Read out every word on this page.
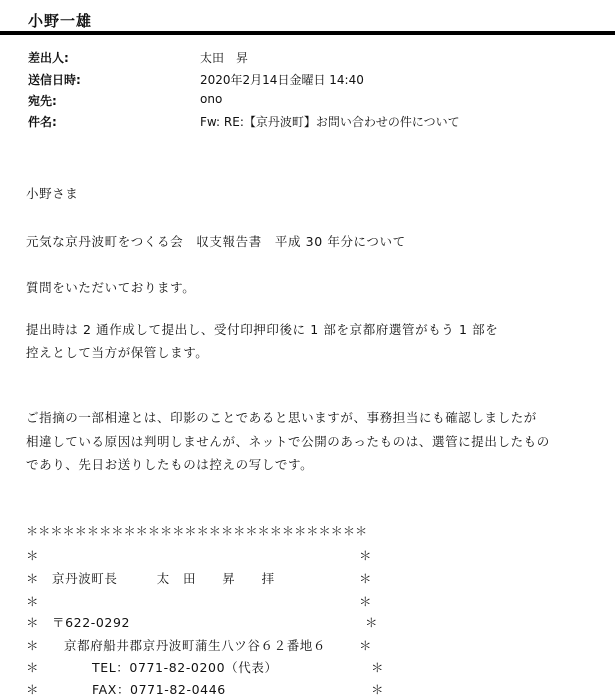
小野一雄
差出人:	太田　昇
送信日時:	2020年2月14日金曜日 14:40
宛先:	ono
件名:	Fw: RE:【京丹波町】お問い合わせの件について
小野さま
元気な京丹波町をつくる会　収支報告書　平成 30 年分について
質問をいただいております。
提出時は 2 通作成して提出し、受付印押印後に 1 部を京都府選管がもう 1 部を
控えとして当方が保管します。
ご指摘の一部相違とは、印影のことであると思いますが、事務担当にも確認しましたが
相違している原因は判明しませんが、ネットで公開のあったものは、選管に提出したもの
であり、先日お送りしたものは控えの写しです。
＊＊＊＊＊＊＊＊＊＊＊＊＊＊＊＊＊＊＊＊＊＊＊＊＊＊＊＊
＊	＊
＊ 京丹波町長　　　太　田　　昇　　拝	＊
＊	＊
＊ 〒622-0292	＊
＊ 京都府船井郡京丹波町蒲生八ツ谷６２番地６	＊
＊	TEL：0771-82-0200（代表）	＊
＊	FAX：0771-82-0446	＊
